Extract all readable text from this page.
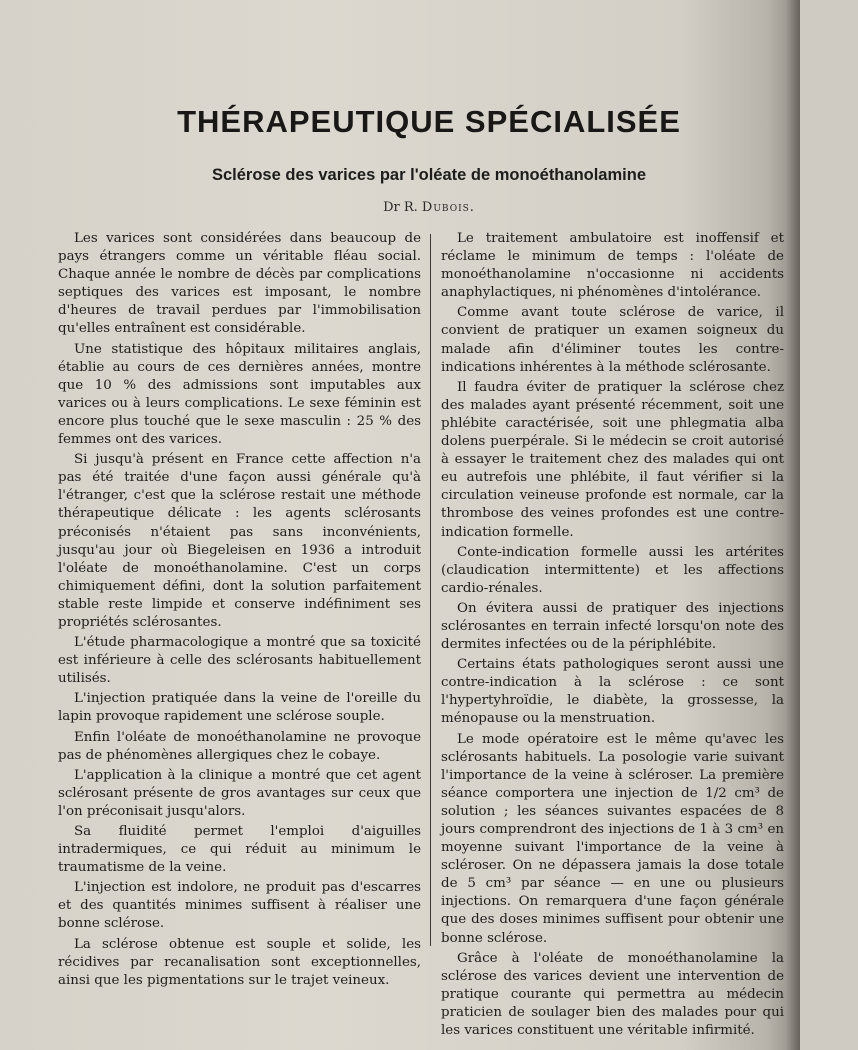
THÉRAPEUTIQUE SPÉCIALISÉE
Sclérose des varices par l'oléate de monoéthanolamine
Dr R. Dubois.

Les varices sont considérées dans beaucoup de pays étrangers comme un véritable fléau social. Chaque année le nombre de décès par complications septiques des varices est imposant, le nombre d'heures de travail perdues par l'immobilisation qu'elles entraînent est considérable.

Une statistique des hôpitaux militaires anglais, établie au cours de ces dernières années, montre que 10 % des admissions sont imputables aux varices ou à leurs complications. Le sexe féminin est encore plus touché que le sexe masculin : 25 % des femmes ont des varices.

Si jusqu'à présent en France cette affection n'a pas été traitée d'une façon aussi générale qu'à l'étranger, c'est que la sclérose restait une méthode thérapeutique délicate : les agents sclérosants préconisés n'étaient pas sans inconvénients, jusqu'au jour où Biegeleisen en 1936 a introduit l'oléate de monoéthanolamine. C'est un corps chimiquement défini, dont la solution parfaitement stable reste limpide et conserve indéfiniment ses propriétés sclérosantes.

L'étude pharmacologique a montré que sa toxicité est inférieure à celle des sclérosants habituellement utilisés.

L'injection pratiquée dans la veine de l'oreille du lapin provoque rapidement une sclérose souple.

Enfin l'oléate de monoéthanolamine ne provoque pas de phénomènes allergiques chez le cobaye.

L'application à la clinique a montré que cet agent sclérosant présente de gros avantages sur ceux que l'on préconisait jusqu'alors.

Sa fluidité permet l'emploi d'aiguilles intradermiques, ce qui réduit au minimum le traumatisme de la veine.

L'injection est indolore, ne produit pas d'escarres et des quantités minimes suffisent à réaliser une bonne sclérose.

La sclérose obtenue est souple et solide, les récidives par recanalisation sont exceptionnelles, ainsi que les pigmentations sur le trajet veineux.

Le traitement ambulatoire est inoffensif et réclame le minimum de temps : l'oléate de monoéthanolamine n'occasionne ni accidents anaphylactiques, ni phénomènes d'intolérance.

Comme avant toute sclérose de varice, il convient de pratiquer un examen soigneux du malade afin d'éliminer toutes les contre-indications inhérentes à la méthode sclérosante.

Il faudra éviter de pratiquer la sclérose chez des malades ayant présenté récemment, soit une phlébite caractérisée, soit une phlegmatia alba dolens puerpérale. Si le médecin se croit autorisé à essayer le traitement chez des malades qui ont eu autrefois une phlébite, il faut vérifier si la circulation veineuse profonde est normale, car la thrombose des veines profondes est une contre-indication formelle.

Conte-indication formelle aussi les artérites (claudication intermittente) et les affections cardio-rénales.

On évitera aussi de pratiquer des injections sclérosantes en terrain infecté lorsqu'on note des dermites infectées ou de la périphlébite.

Certains états pathologiques seront aussi une contre-indication à la sclérose : ce sont l'hypertyhroïdie, le diabète, la grossesse, la ménopause ou la menstruation.

Le mode opératoire est le même qu'avec les sclérosants habituels. La posologie varie suivant l'importance de la veine à scléroser. La première séance comportera une injection de 1/2 cm³ de solution ; les séances suivantes espacées de 8 jours comprendront des injections de 1 à 3 cm³ en moyenne suivant l'importance de la veine à scléroser. On ne dépassera jamais la dose totale de 5 cm³ par séance — en une ou plusieurs injections. On remarquera d'une façon générale que des doses minimes suffisent pour obtenir une bonne sclérose.

Grâce à l'oléate de monoéthanolamine la sclérose des varices devient une intervention de pratique courante qui permettra au médecin praticien de soulager bien des malades pour qui les varices constituent une véritable infirmité.
